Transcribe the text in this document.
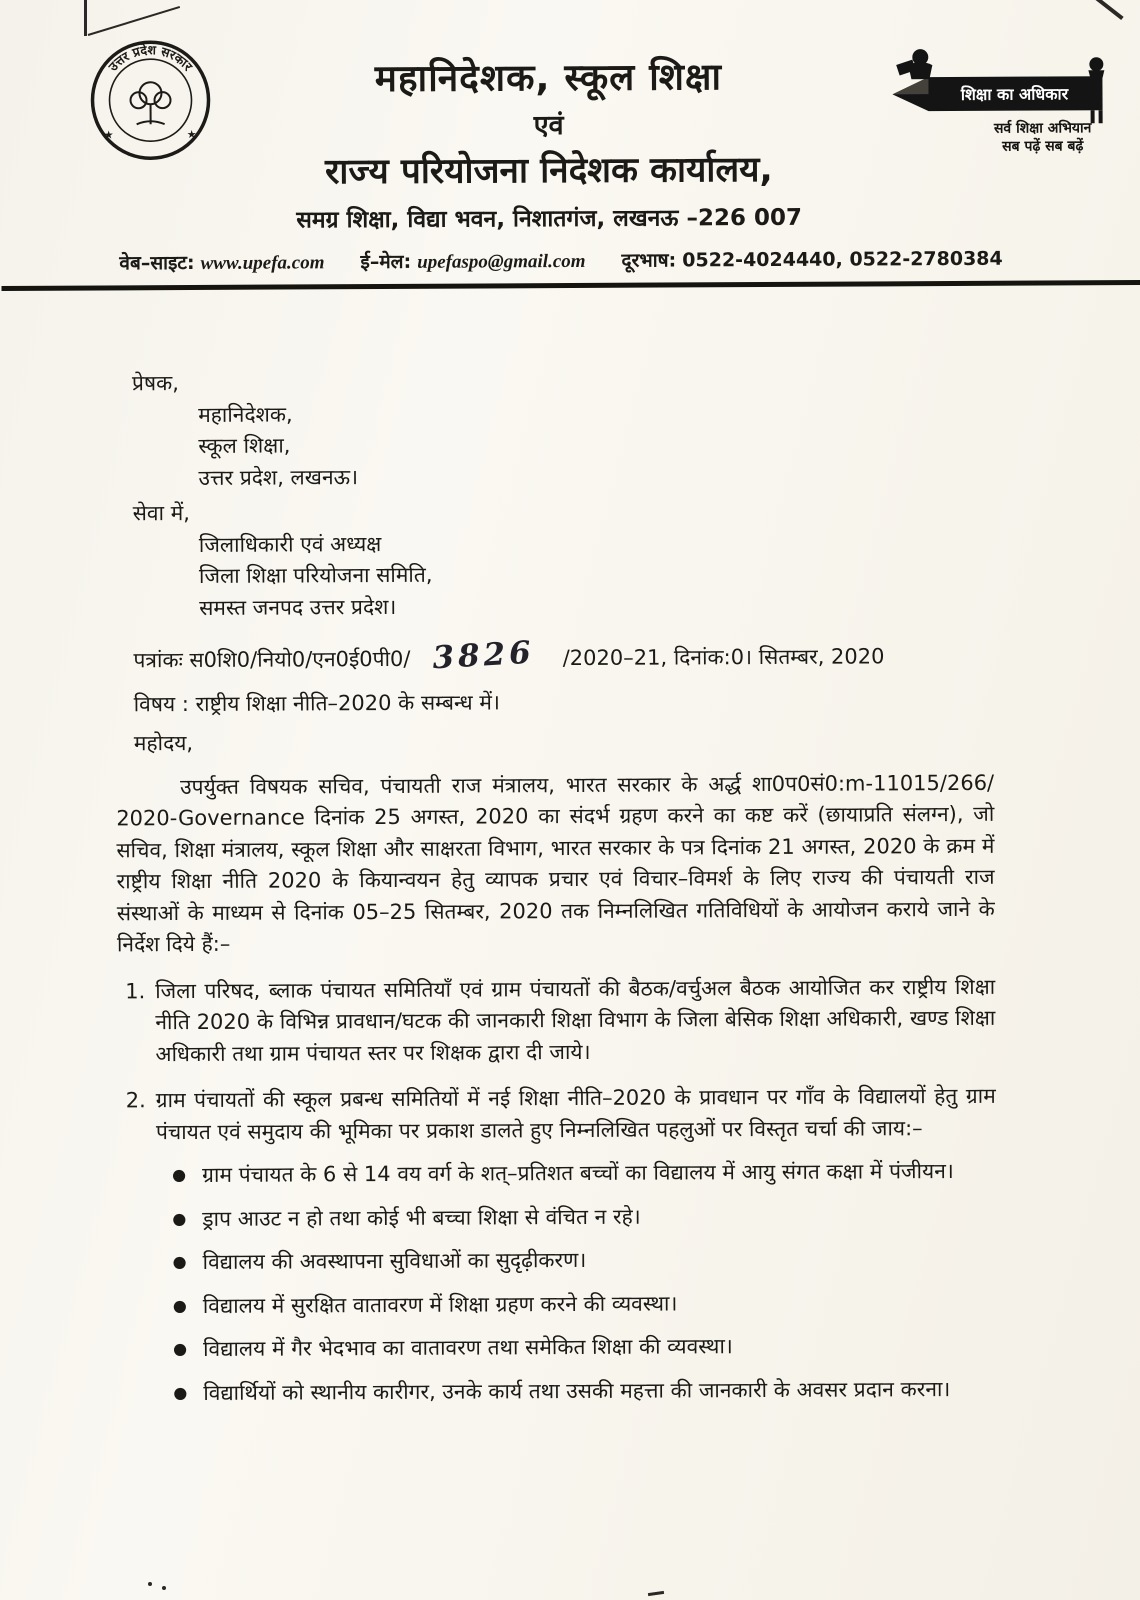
उत्तर प्रदेश सरकार
★	★
महानिदेशक, स्कूल शिक्षा
एवं
राज्य परियोजना निदेशक कार्यालय,
समग्र शिक्षा, विद्या भवन, निशातगंज, लखनऊ –226 007
शिक्षा का अधिकार
सर्व शिक्षा अभियान
सब पढ़ें सब बढ़ें
वेब–साइट: www.upefa.com ई–मेल: upefaspo@gmail.com दूरभाष: 0522-4024440, 0522-2780384
प्रेषक,
महानिदेशक,
स्कूल शिक्षा,
उत्तर प्रदेश, लखनऊ।
सेवा में,
जिलाधिकारी एवं अध्यक्ष
जिला शिक्षा परियोजना समिति,
समस्त जनपद उत्तर प्रदेश।
पत्रांकः स0शि0/नियो0/एन0ई0पी0/ 3826 /2020–21, दिनांक:0। सितम्बर, 2020
विषय : राष्ट्रीय शिक्षा नीति–2020 के सम्बन्ध में।
महोदय,

उपर्युक्त विषयक सचिव, पंचायती राज मंत्रालय, भारत सरकार के अर्द्ध शा0प0सं0:m-11015/266/ 2020-Governance दिनांक 25 अगस्त, 2020 का संदर्भ ग्रहण करने का कष्ट करें (छायाप्रति संलग्न), जो सचिव, शिक्षा मंत्रालय, स्कूल शिक्षा और साक्षरता विभाग, भारत सरकार के पत्र दिनांक 21 अगस्त, 2020 के क्रम में राष्ट्रीय शिक्षा नीति 2020 के कियान्वयन हेतु व्यापक प्रचार एवं विचार–विमर्श के लिए राज्य की पंचायती राज संस्थाओं के माध्यम से दिनांक 05–25 सितम्बर, 2020 तक निम्नलिखित गतिविधियों के आयोजन कराये जाने के निर्देश दिये हैं:–

1. जिला परिषद, ब्लाक पंचायत समितियाँ एवं ग्राम पंचायतों की बैठक/वर्चुअल बैठक आयोजित कर राष्ट्रीय शिक्षा नीति 2020 के विभिन्न प्रावधान/घटक की जानकारी शिक्षा विभाग के जिला बेसिक शिक्षा अधिकारी, खण्ड शिक्षा अधिकारी तथा ग्राम पंचायत स्तर पर शिक्षक द्वारा दी जाये।
2. ग्राम पंचायतों की स्कूल प्रबन्ध समितियों में नई शिक्षा नीति–2020 के प्रावधान पर गाँव के विद्यालयों हेतु ग्राम पंचायत एवं समुदाय की भूमिका पर प्रकाश डालते हुए निम्नलिखित पहलुओं पर विस्तृत चर्चा की जाय:–
● ग्राम पंचायत के 6 से 14 वय वर्ग के शत्–प्रतिशत बच्चों का विद्यालय में आयु संगत कक्षा में पंजीयन।
● ड्राप आउट न हो तथा कोई भी बच्चा शिक्षा से वंचित न रहे।
● विद्यालय की अवस्थापना सुविधाओं का सुदृढ़ीकरण।
● विद्यालय में सुरक्षित वातावरण में शिक्षा ग्रहण करने की व्यवस्था।
● विद्यालय में गैर भेदभाव का वातावरण तथा समेकित शिक्षा की व्यवस्था।
● विद्यार्थियों को स्थानीय कारीगर, उनके कार्य तथा उसकी महत्ता की जानकारी के अवसर प्रदान करना।
